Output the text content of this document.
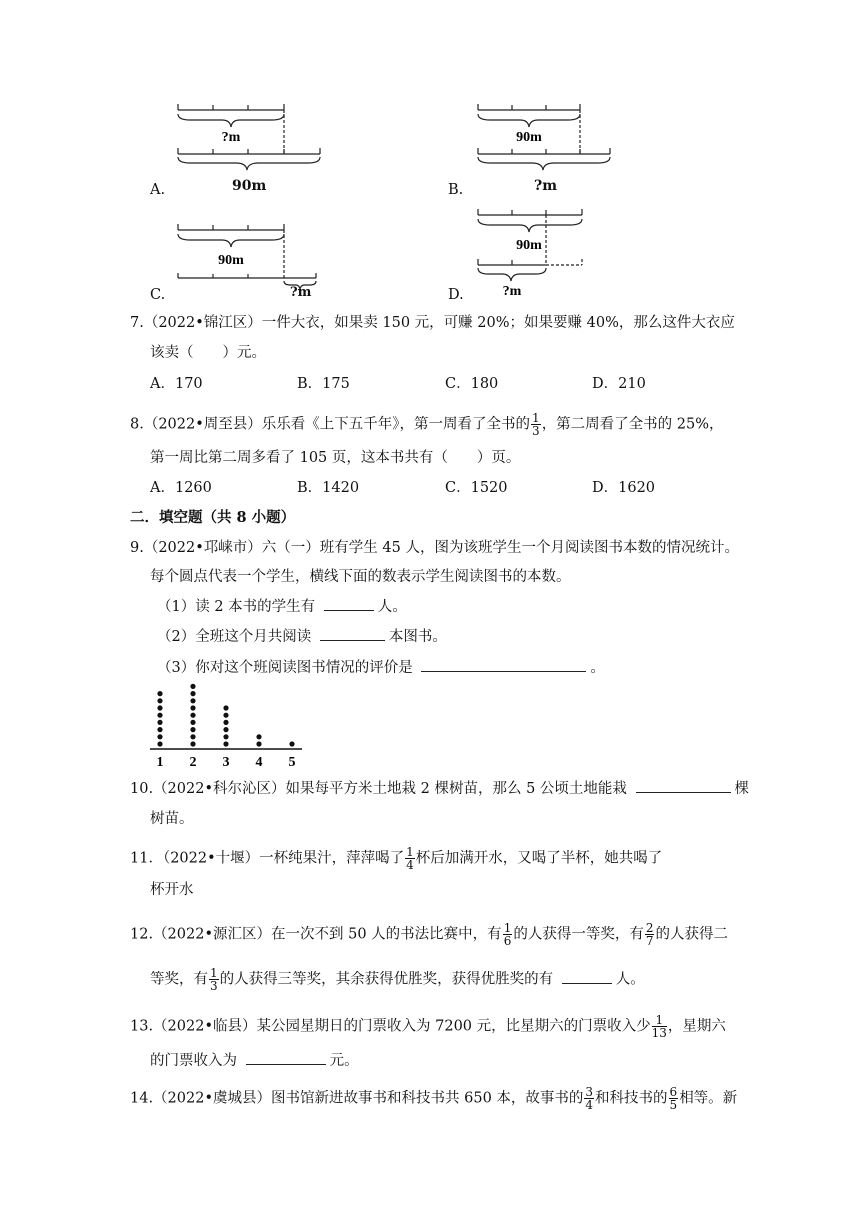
?m
90m
A.
90m
?m
B.
90m
?m
C.
90m
?m
D.
7.（2022•锦江区）一件大衣，如果卖 150 元，可赚 20%；如果要赚 40%，那么这件大衣应
该卖（　　）元。
A．170	B．175	C．180	D．210
8.（2022•周至县）乐乐看《上下五千年》，第一周看了全书的 $\frac{1}{3}$ ，第二周看了全书的 25%，
第一周比第二周多看了 105 页，这本书共有（　　）页。
A．1260	B．1420	C．1520	D．1620
二．填空题（共 8 小题）
9.（2022•邛崃市）六（一）班有学生 45 人，图为该班学生一个月阅读图书本数的情况统计。
每个圆点代表一个学生，横线下面的数表示学生阅读图书的本数。
（1）读 2 本书的学生有	人。
（2）全班这个月共阅读	本图书。
（3）你对这个班阅读图书情况的评价是	。
1 2 3 4 5
10.（2022•科尔沁区）如果每平方米土地栽 2 棵树苗，那么 5 公顷土地能栽	棵
树苗。
11．（2022•十堰）一杯纯果汁，萍萍喝了 $\frac{1}{4}$ 杯后加满开水，又喝了半杯，她共喝了
杯开水
12.（2022•源汇区）在一次不到 50 人的书法比赛中，有 $\frac{1}{6}$ 的人获得一等奖，有 $\frac{2}{7}$ 的人获得二
等奖，有 $\frac{1}{3}$ 的人获得三等奖，其余获得优胜奖，获得优胜奖的有	人。
13.（2022•临县）某公园星期日的门票收入为 7200 元，比星期六的门票收入少 $\frac{1}{13}$ ，星期六
的门票收入为	元。
14.（2022•虞城县）图书馆新进故事书和科技书共 650 本，故事书的 $\frac{3}{4}$ 和科技书的 $\frac{6}{5}$ 相等。新
